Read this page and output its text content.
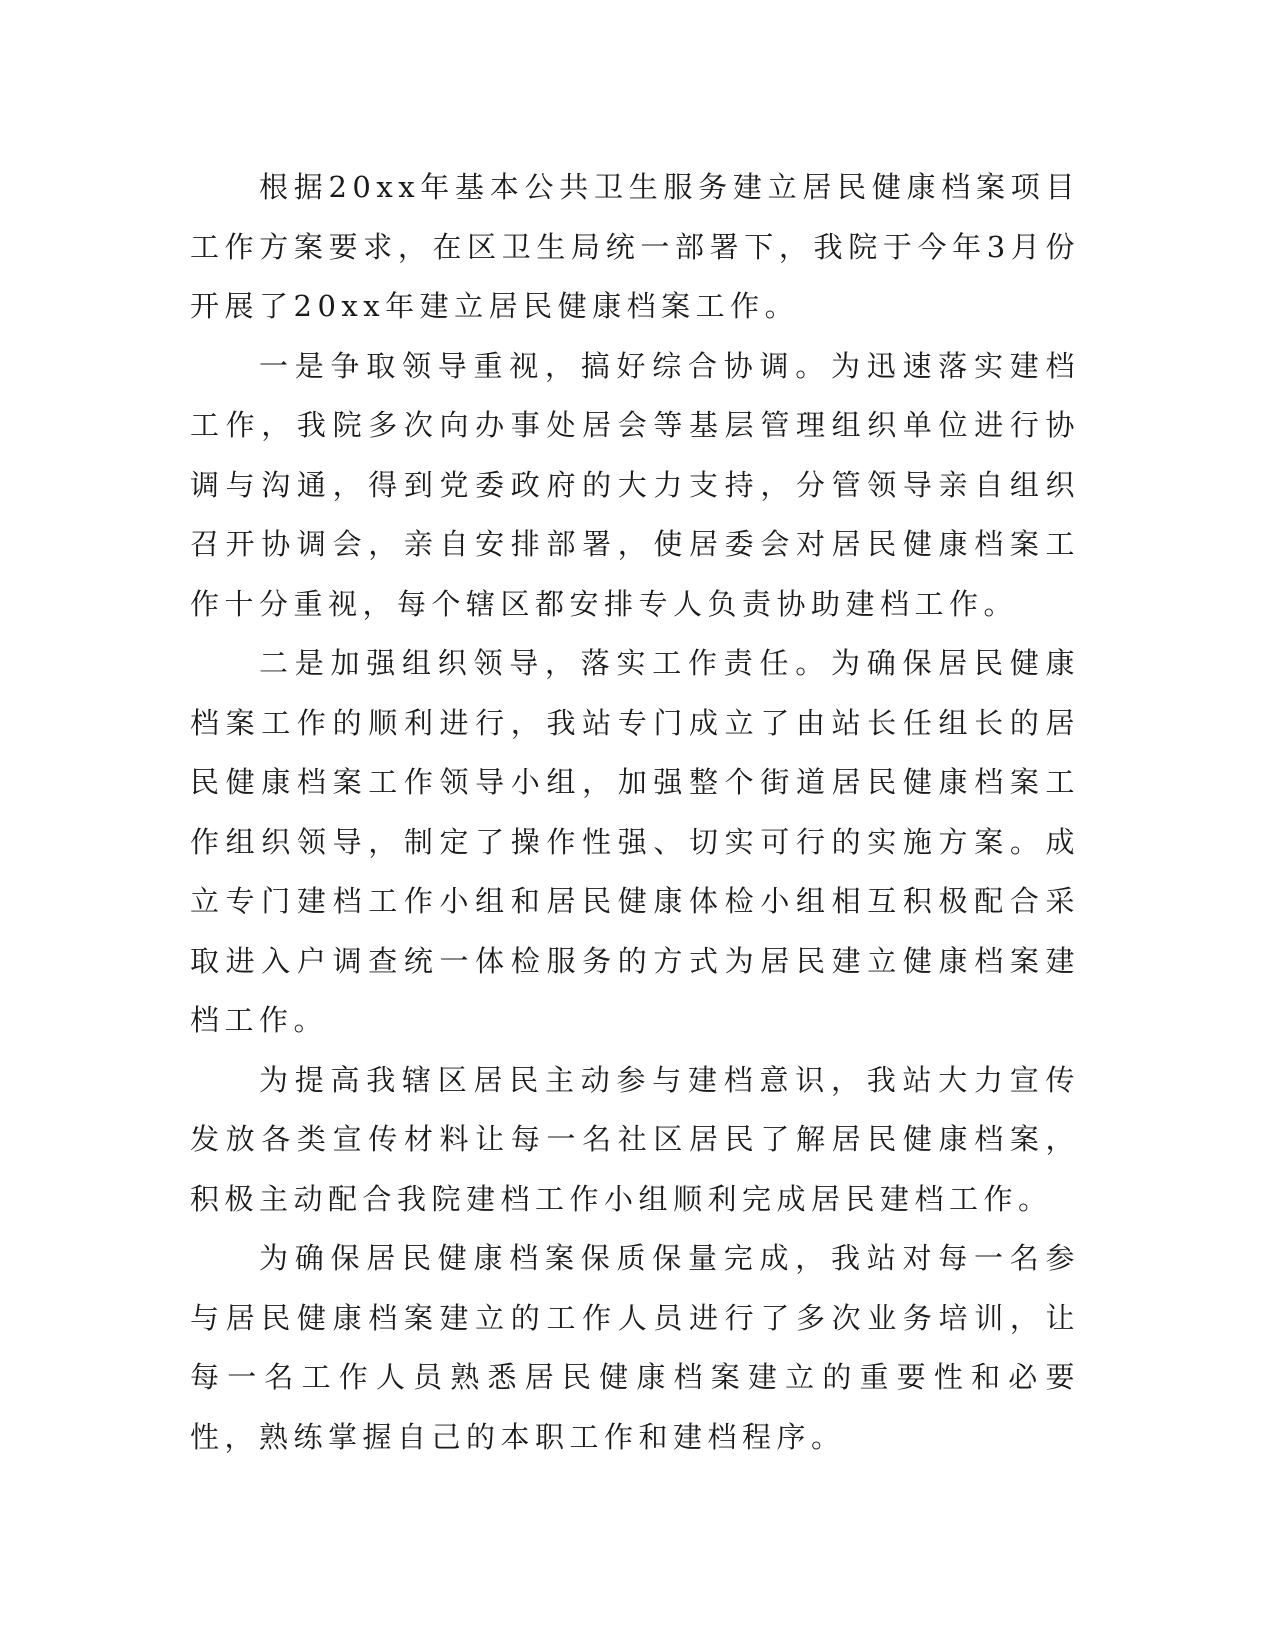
根据20xx年基本公共卫生服务建立居民健康档案项目工作方案要求，在区卫生局统一部署下，我院于今年3月份开展了20xx年建立居民健康档案工作。

一是争取领导重视，搞好综合协调。为迅速落实建档工作，我院多次向办事处居会等基层管理组织单位进行协调与沟通，得到党委政府的大力支持，分管领导亲自组织召开协调会，亲自安排部署，使居委会对居民健康档案工作十分重视，每个辖区都安排专人负责协助建档工作。

二是加强组织领导，落实工作责任。为确保居民健康档案工作的顺利进行，我站专门成立了由站长任组长的居民健康档案工作领导小组，加强整个街道居民健康档案工作组织领导，制定了操作性强、切实可行的实施方案。成立专门建档工作小组和居民健康体检小组相互积极配合采取进入户调查统一体检服务的方式为居民建立健康档案建档工作。

为提高我辖区居民主动参与建档意识，我站大力宣传发放各类宣传材料让每一名社区居民了解居民健康档案，积极主动配合我院建档工作小组顺利完成居民建档工作。

为确保居民健康档案保质保量完成，我站对每一名参与居民健康档案建立的工作人员进行了多次业务培训，让每一名工作人员熟悉居民健康档案建立的重要性和必要性，熟练掌握自己的本职工作和建档程序。
